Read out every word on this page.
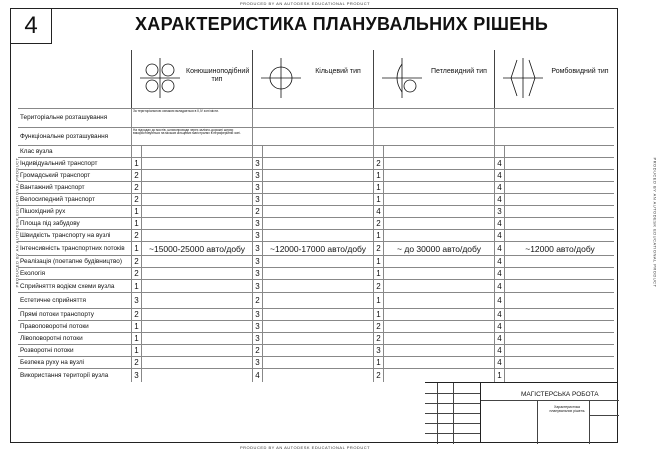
PRODUCED BY AN AUTODESK EDUCATIONAL PRODUCT
PRODUCED BY AN AUTODESK EDUCATIONAL PRODUCT
PRODUCED BY AN AUTODESK EDUCATIONAL PRODUCT	PRODUCED BY AN AUTODESK EDUCATIONAL PRODUCT
4	ХАРАКТЕРИСТИКА ПЛАНУВАЛЬНИХ РІШЕНЬ
Територіальне розташування
За територіальною ознакою вкладається в ІІ,ІV зоні місти.
Функціональне розташування
На підходах до мостів, шляхопроводи через залізно-дорожні шляхи використовуються на міських кільцевих магістралях в периферійній зоні.
Клас вузла
Індивідуальний транспорт	1	3	2	4
Громадський транспорт	2	3	1	4
Вантажний транспорт	2	3	1	4
Велосипедний транспорт	2	3	1	4
Пішохідний рух	1	2	4	3
Площа під забудову	1	3	2	4
Швидкість транспорту на вузлі	2	3	1	4
Інтенсивність транспортних потоків	1	~15000-25000 авто/добу	3	~12000-17000 авто/добу	2	~ до 30000 авто/добу	4	~12000 авто/добу
Реалізація (поетапне будівництво)	2	3	1	4
Екологія	2	3	1	4
Сприйняття водієм схеми вузла	1	3	2	4
Естетичне сприйняття	3	2	1	4
Прямі потоки транспорту	2	3	1	4
Правоповоротні потоки	1	3	2	4
Лівоповоротні потоки	1	3	2	4
Розворотні потоки	1	2	3	4
Безпека руху на вузлі	2	3	1	4
Використання території вузла	3	4	2	1
МАГІСТЕРСЬКА РОБОТА
Характеристика планувальних рішень
Конюшиноподібний тип
Кільцевий тип	Петлевидний тип	Ромбовидний тип
